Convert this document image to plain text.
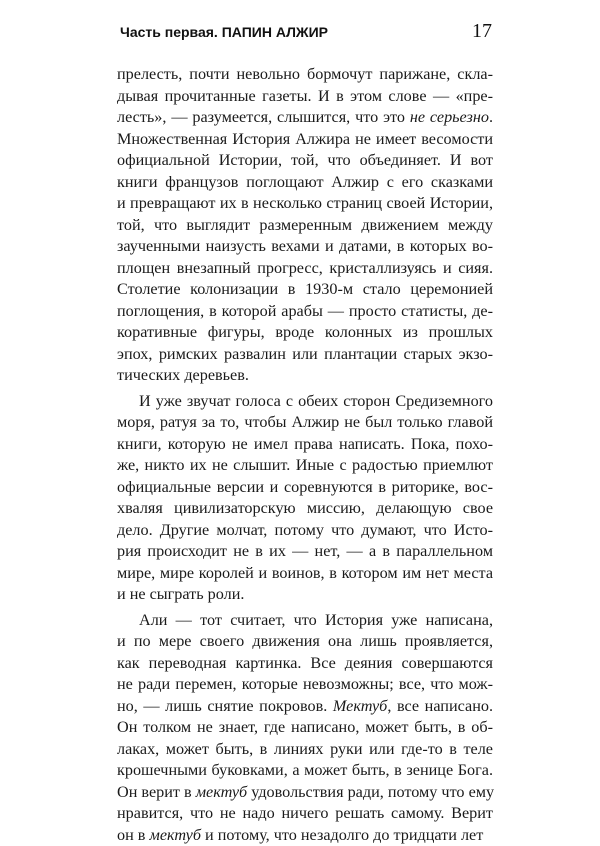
Часть первая. ПАПИН АЛЖИР	17
прелесть, почти невольно бормочут парижане, скла-
дывая прочитанные газеты. И в этом слове — «пре-
лесть», — разумеется, слышится, что это не серьезно.
Множественная История Алжира не имеет весомости
официальной Истории, той, что объединяет. И вот
книги французов поглощают Алжир с его сказками
и превращают их в несколько страниц своей Истории,
той, что выглядит размеренным движением между
заученными наизусть вехами и датами, в которых во-
площен внезапный прогресс, кристаллизуясь и сияя.
Столетие колонизации в 1930-м стало церемонией
поглощения, в которой арабы — просто статисты, де-
коративные фигуры, вроде колонных из прошлых
эпох, римских развалин или плантации старых экзо-
тических деревьев.
И уже звучат голоса с обеих сторон Средиземного
моря, ратуя за то, чтобы Алжир не был только главой
книги, которую не имел права написать. Пока, похо-
же, никто их не слышит. Иные с радостью приемлют
официальные версии и соревнуются в риторике, вос-
хваляя цивилизаторскую миссию, делающую свое
дело. Другие молчат, потому что думают, что Исто-
рия происходит не в их — нет, — а в параллельном
мире, мире королей и воинов, в котором им нет места
и не сыграть роли.
Али — тот считает, что История уже написана,
и по мере своего движения она лишь проявляется,
как переводная картинка. Все деяния совершаются
не ради перемен, которые невозможны; все, что мож-
но, — лишь снятие покровов. Мектуб, все написано.
Он толком не знает, где написано, может быть, в об-
лаках, может быть, в линиях руки или где-то в теле
крошечными буковками, а может быть, в зенице Бога.
Он верит в мектуб удовольствия ради, потому что ему
нравится, что не надо ничего решать самому. Верит
он в мектуб и потому, что незадолго до тридцати лет
